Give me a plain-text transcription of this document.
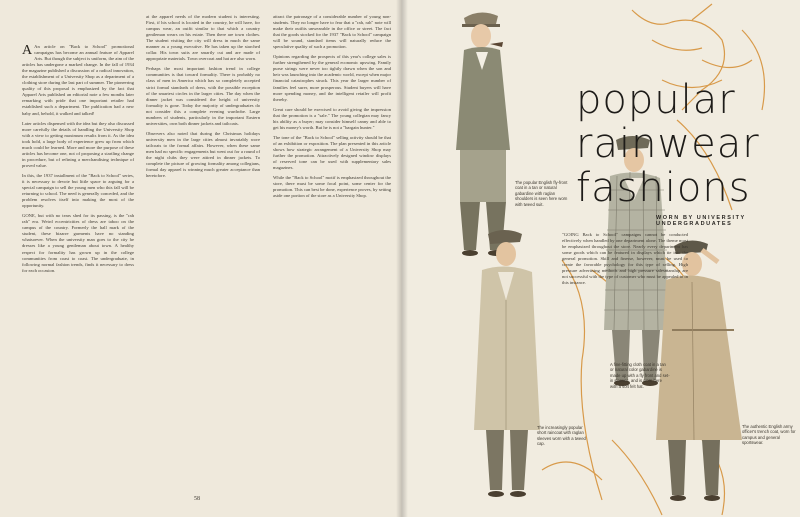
A An article on "Back to School" promotional campaigns has become an annual feature of Apparel Arts. But though the subject is uniform, the aim of the articles has undergone a marked change. In the fall of 1934 the magazine published a discussion of a radical innovation, the establishment of a University Shop as a department of a clothing store during the last part of summer. The pioneering quality of this proposal is emphasized by the fact that Apparel Arts published an editorial note a few months later remarking with pride that one important retailer had established such a department. The publication had a new baby and, behold, it walked and talked!

Later articles dispensed with the idea but they also discussed more carefully the details of handling the University Shop with a view to getting maximum results from it. As the idea took hold, a large body of experience grew up from which much could be learned. More and more the purpose of these articles has become one, not of proposing a startling change in procedure, but of refining a merchandising technique of proved value.

In this, the 1937 installment of the "Back to School" series, it is necessary to devote but little space to arguing for a special campaign to sell the young men who this fall will be returning to school. The need is generally conceded, and the problem resolves itself into making the most of the opportunity.

GONE, but with no tears shed for its passing, is the "rah rah" era. Weird eccentricities of dress are taboo on the campus of the country. Formerly the hall mark of the student, these bizarre garments have no standing whatsoever. When the university man goes to the city he dresses like a young gentleman about town. A healthy respect for formality has grown up in the college communities from coast to coast. The undergraduate, in following normal fashion trends, finds it necessary to dress for each occasion.

at the apparel needs of the modern student is interesting. First, if his school is located in the country, he will have, for campus wear, an outfit similar to that which a country gentleman wears on his estate. Then there are town clothes. The student visiting the city will dress in much the same manner as a young executive. He has taken up the starched collar. His town suits are smartly cut and are made of appropriate materials. Town overcoat and hat are also worn.

Perhaps the most important fashion trend in college communities is that toward formality. There is probably no class of men in America which has so completely accepted strict formal standards of dress, with the possible exception of the smartest circles in the larger cities. The day when the dinner jacket was considered the height of university formality is gone. Today the majority of undergraduates do not consider this a complete evening wardrobe. Large numbers of students, particularly in the important Eastern universities, own both dinner jackets and tailcoats.

Observers also noted that during the Christmas holidays university men in the large cities almost invariably wore tailcoats to the formal affairs. However, when these same men had no specific engagements but went out for a round of the night clubs they were attired in dinner jackets. To complete the picture of growing formality among collegians, formal day apparel is winning much greater acceptance than heretofore.

attract the patronage of a considerable number of young non-students. They no longer have to fear that a "rah, rah" note will make their outfits unwearable in the office or street. The fact that the goods stocked for the 1937 "Back to School" campaign will be sound, standard items will naturally reduce the speculative quality of such a promotion.

Opinions regarding the prospects of this year's college sales is further strengthened by the general economic upswing. Family purse strings were never too tightly drawn when the son and heir was launching into the academic world, except when major financial catastrophes struck. This year the larger number of families feel surer, more prosperous. Student buyers will have more spending money, and the intelligent retailer will profit thereby.

Great care should be exercised to avoid giving the impression that the promotion is a "sale." The young collegian may fancy his ability as a buyer; may consider himself canny and able to get his money's worth. But he is not a "bargain hunter."

The tone of the "Back to School" selling activity should be that of an exhibition or exposition. The plan presented in this article shows how strategic arrangement of a University Shop may further the promotion. Attractively designed window displays of reserved tone can be used with supplementary sales magazines.

While the "Back to School" motif is emphasized throughout the store, there must be some focal point, some center for the promotion. This can best be done, experience proves, by setting aside one portion of the store as a University Shop.

58

"GOING Back to School" campaigns cannot be conducted effectively when handled by one department alone. The theme must be emphasized throughout the store. Nearly every department has some goods which can be featured in displays which tie into the general promotion. Skill and finesse, however, must be used to create the favorable psychology for this type of selling. High pressure advertising methods and high pressure salesmanship are not successful with the type of customer who must be appealed to in this instance.

popular
rainwear
fashions
WORN BY UNIVERSITY UNDERGRADUATES
The popular English fly-front coat in a tan or natural gabardine with raglan shoulders is seen here worn with tweed suit.
A fine-fitting cloth coat in a tan or natural color gabardine is made up with a fly front and set-in sleeves, and is worn here with a soft felt hat.
The increasingly popular short raincoat with raglan sleeves worn with a tweed cap.
The authentic English army officer's trench coat, worn for campus and general sportswear.
